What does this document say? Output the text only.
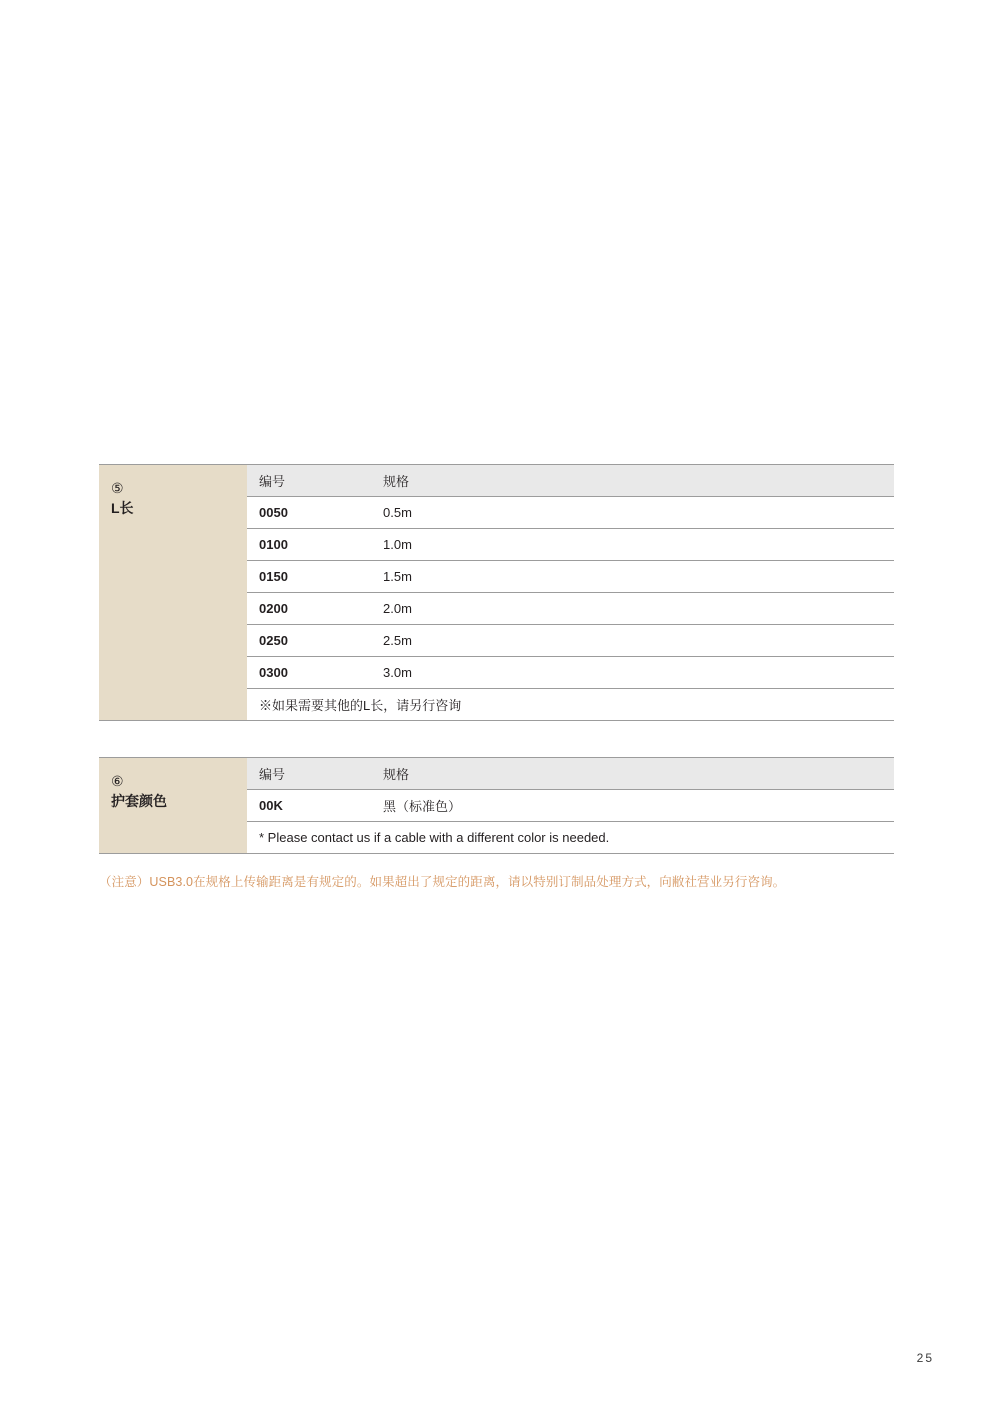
⑤
L长
编号	规格
0050	0.5m
0100	1.0m
0150	1.5m
0200	2.0m
0250	2.5m
0300	3.0m
※如果需要其他的L长，请另行咨询	
⑥
护套颜色
编号	规格
00K	黑（标准色）
* Please contact us if a cable with a different color is needed.	
（注意）USB3.0在规格上传输距离是有规定的。如果超出了规定的距离，请以特别订制品处理方式，向敝社营业另行咨询。
25
